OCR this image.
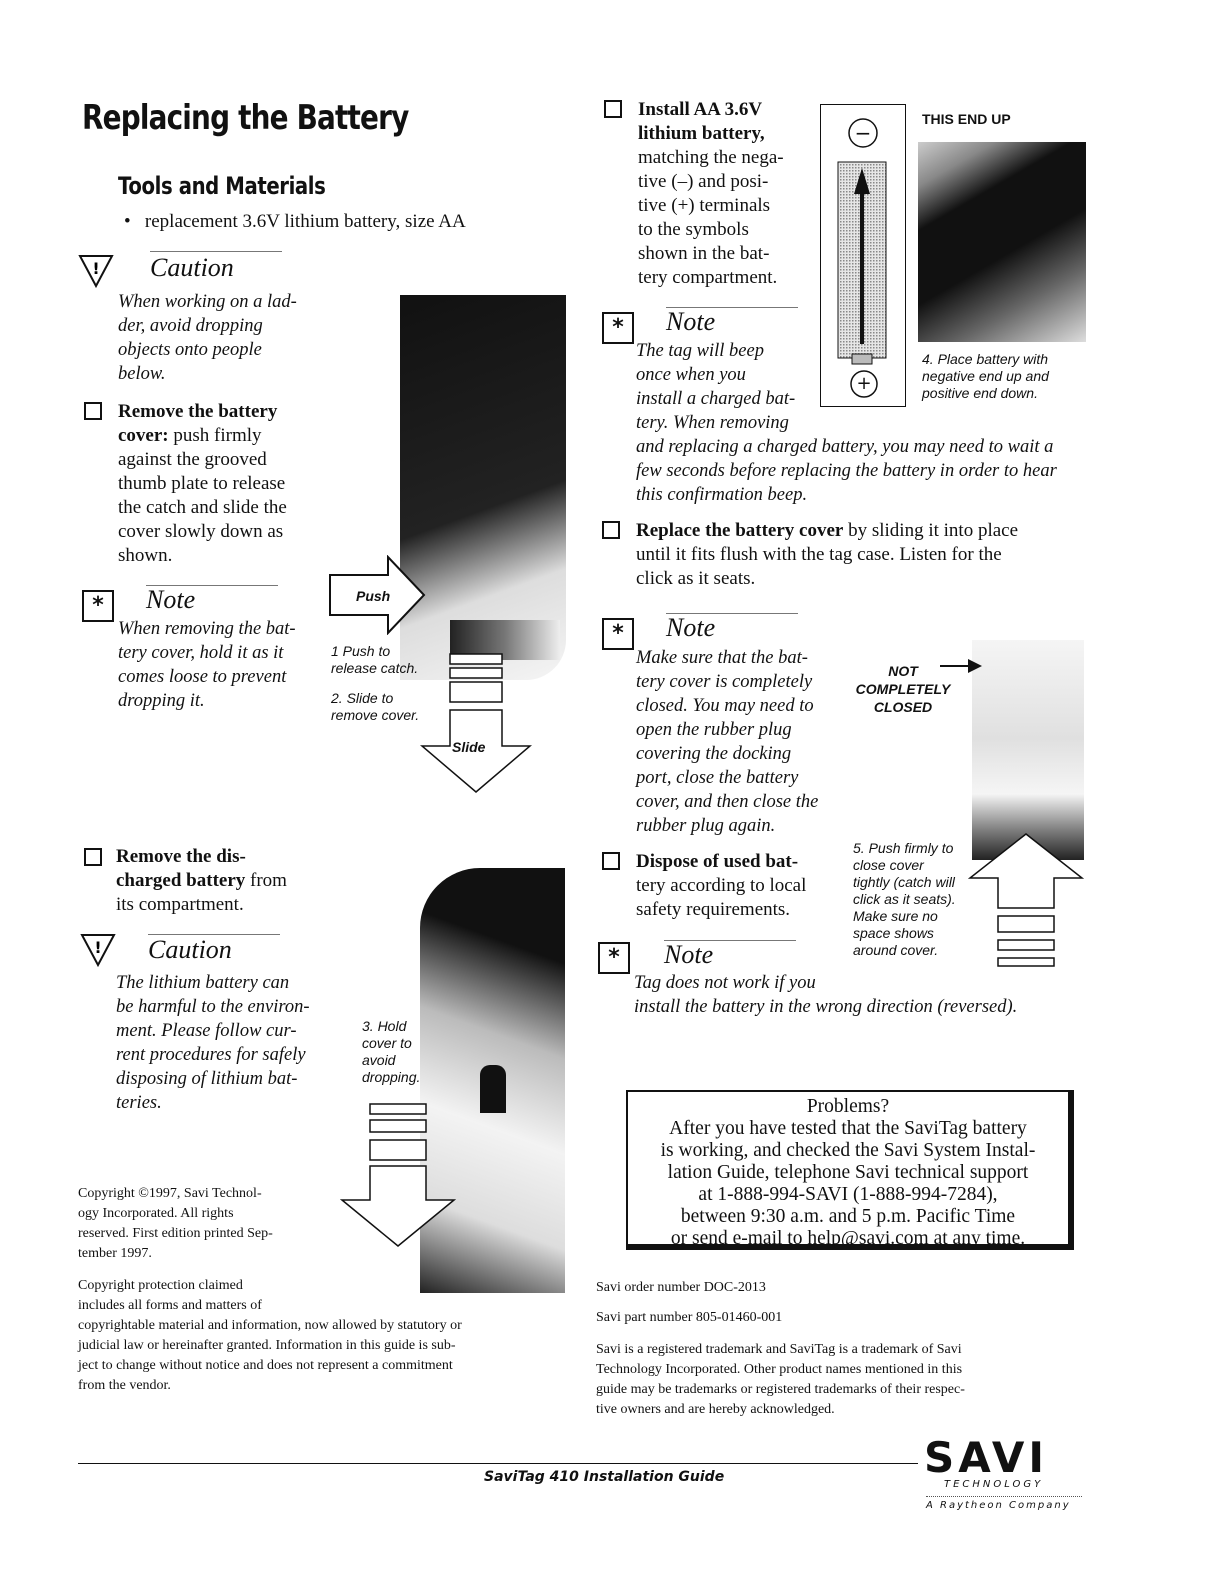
Replacing the Battery
Tools and Materials
•   replacement 3.6V lithium battery, size AA
! Caution
When working on a lad-
der, avoid dropping
objects onto people
below.
Remove the battery
cover: push firmly
against the grooved
thumb plate to release
the catch and slide the
cover slowly down as
shown.
*	Note
When removing the bat-
tery cover, hold it as it
comes loose to prevent
dropping it.
Push
1 Push to
release catch.
2. Slide to
remove cover.
Slide
Remove the dis-
charged battery from
its compartment.
! Caution
The lithium battery can
be harmful to the environ-
ment. Please follow cur-
rent procedures for safely
disposing of lithium bat-
teries.
3. Hold
cover to
avoid
dropping.
Copyright ©1997, Savi Technol-
ogy Incorporated. All rights
reserved. First edition printed Sep-
tember 1997.
Copyright protection claimed
includes all forms and matters of
copyrightable material and information, now allowed by statutory or
judicial law or hereinafter granted. Information in this guide is sub-
ject to change without notice and does not represent a commitment
from the vendor.
Install AA 3.6V
lithium battery,
matching the nega-
tive (–) and posi-
tive (+) terminals
to the symbols
shown in the bat-
tery compartment.
−
+
THIS END UP
4. Place battery with
negative end up and
positive end down.
*	Note
The tag will beep
once when you
install a charged bat-
tery. When removing
and replacing a charged battery, you may need to wait a
few seconds before replacing the battery in order to hear
this confirmation beep.
Replace the battery cover by sliding it into place
until it fits flush with the tag case. Listen for the
click as it seats.
*	Note
Make sure that the bat-
tery cover is completely
closed. You may need to
open the rubber plug
covering the docking
port, close the battery
cover, and then close the
rubber plug again.
NOT
COMPLETELY
CLOSED
5. Push firmly to
close cover
tightly (catch will
click as it seats).
Make sure no
space shows
around cover.
Dispose of used bat-
tery according to local
safety requirements.
*	Note
Tag does not work if you
install the battery in the wrong direction (reversed).
Problems?
After you have tested that the SaviTag battery
is working, and checked the Savi System Instal-
lation Guide, telephone Savi technical support
at 1-888-994-SAVI (1-888-994-7284),
between 9:30 a.m. and 5 p.m. Pacific Time
or send e-mail to help@savi.com at any time.
Savi order number DOC-2013
Savi part number 805-01460-001
Savi is a registered trademark and SaviTag is a trademark of Savi
Technology Incorporated. Other product names mentioned in this
guide may be trademarks or registered trademarks of their respec-
tive owners and are hereby acknowledged.
SaviTag 410 Installation Guide	SAVI
TECHNOLOGY
A Raytheon Company
